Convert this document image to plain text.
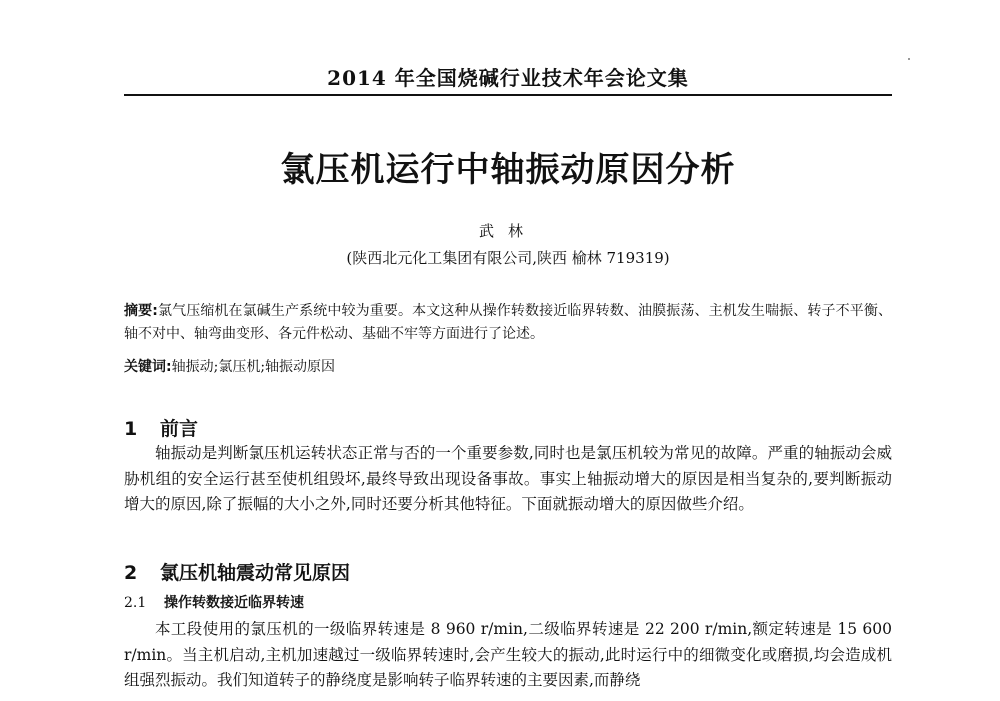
2014 年全国烧碱行业技术年会论文集
氯压机运行中轴振动原因分析
武林
(陕西北元化工集团有限公司,陕西 榆林 719319)
摘要:氯气压缩机在氯碱生产系统中较为重要。本文这种从操作转数接近临界转数、油膜振荡、主机发生喘振、转子不平衡、轴不对中、轴弯曲变形、各元件松动、基础不牢等方面进行了论述。
关键词:轴振动;氯压机;轴振动原因
1 前言
轴振动是判断氯压机运转状态正常与否的一个重要参数,同时也是氯压机较为常见的故障。严重的轴振动会威胁机组的安全运行甚至使机组毁坏,最终导致出现设备事故。事实上轴振动增大的原因是相当复杂的,要判断振动增大的原因,除了振幅的大小之外,同时还要分析其他特征。下面就振动增大的原因做些介绍。
2 氯压机轴震动常见原因
2.1 操作转数接近临界转速
本工段使用的氯压机的一级临界转速是 8 960 r/min,二级临界转速是 22 200 r/min,额定转速是 15 600 r/min。当主机启动,主机加速越过一级临界转速时,会产生较大的振动,此时运行中的细微变化或磨损,均会造成机组强烈振动。我们知道转子的静绕度是影响转子临界转速的主要因素,而静绕
